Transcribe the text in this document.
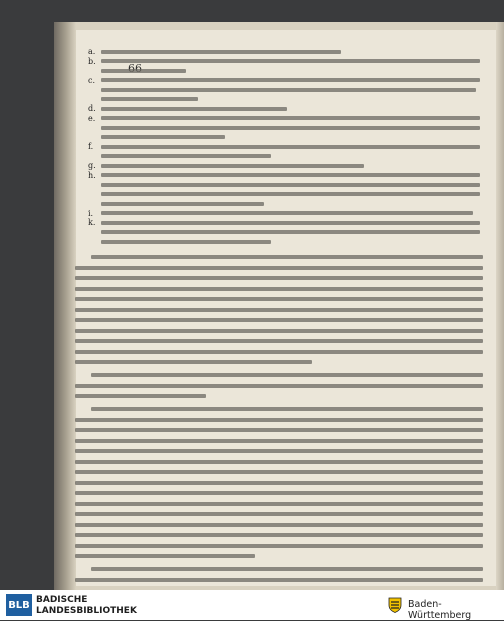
a.
b.
c.
d.
e.
f.
g.
h.
i.
k.
BLB BADISCHE
LANDESBIBLIOTHEK
Baden-Württemberg
